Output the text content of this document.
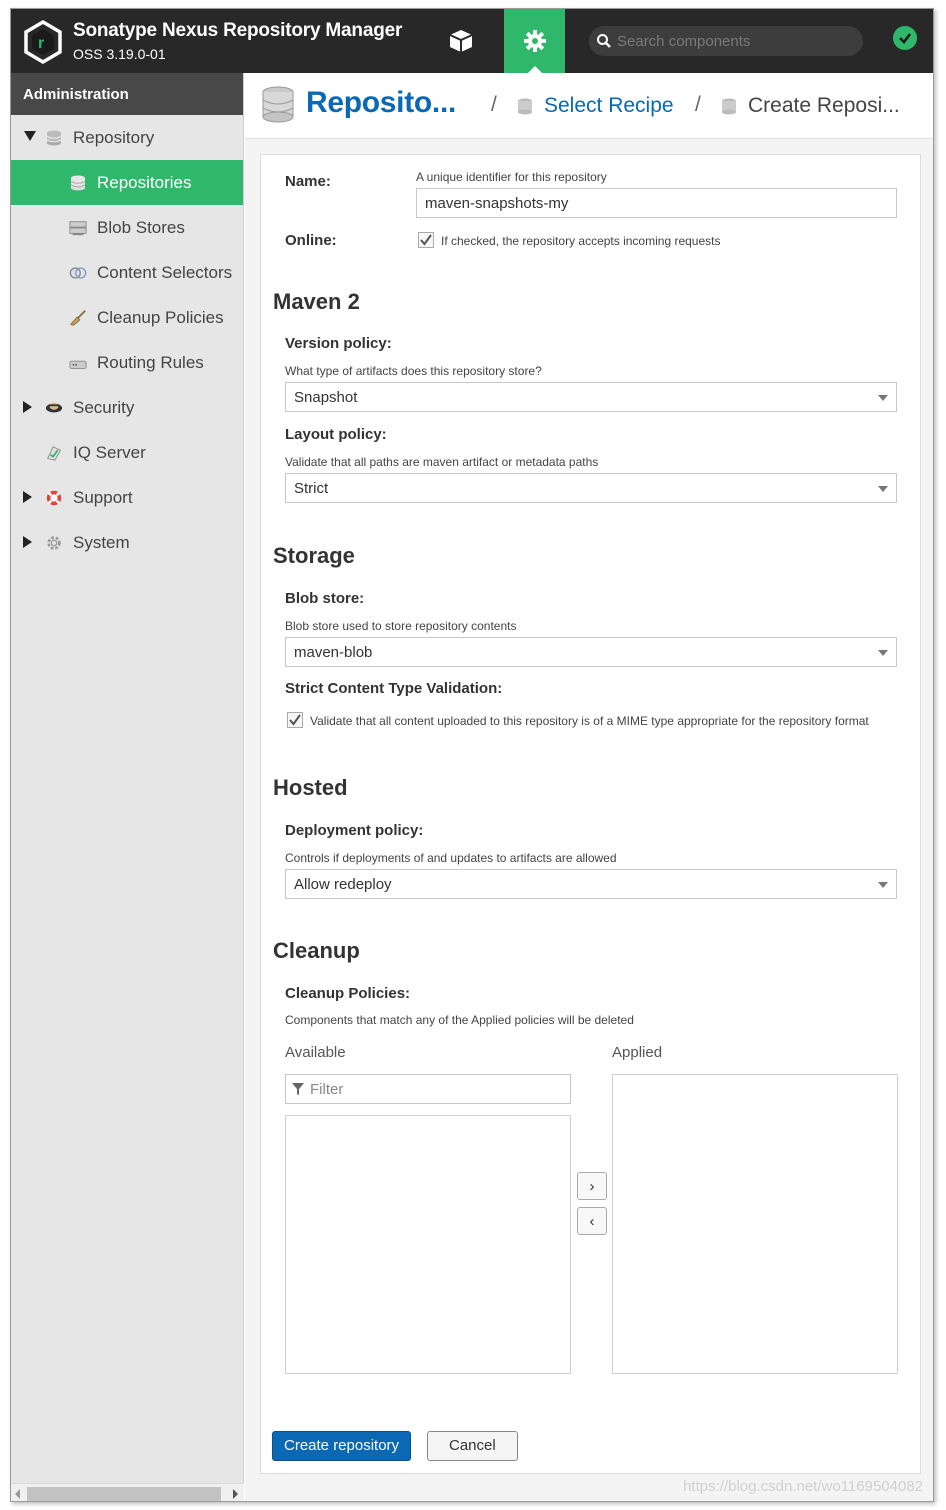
r
Sonatype Nexus Repository Manager
OSS 3.19.0-01
Search components
Administration
Repository
Repositories
Blob Stores
Content Selectors
Cleanup Policies
Routing Rules
Security
IQ Server
Support
System
Reposito... / Select Recipe / Create Reposi...
Name:	A unique identifier for this repository
maven-snapshots-my
Online:	If checked, the repository accepts incoming requests
Maven 2
Version policy:
What type of artifacts does this repository store?
Snapshot
Layout policy:
Validate that all paths are maven artifact or metadata paths
Strict
Storage
Blob store:
Blob store used to store repository contents
maven-blob
Strict Content Type Validation:
Validate that all content uploaded to this repository is of a MIME type appropriate for the repository format
Hosted
Deployment policy:
Controls if deployments of and updates to artifacts are allowed
Allow redeploy
Cleanup
Cleanup Policies:
Components that match any of the Applied policies will be deleted
Available	Applied
Filter
›
‹
Create repository	Cancel
https://blog.csdn.net/wo1169504082
